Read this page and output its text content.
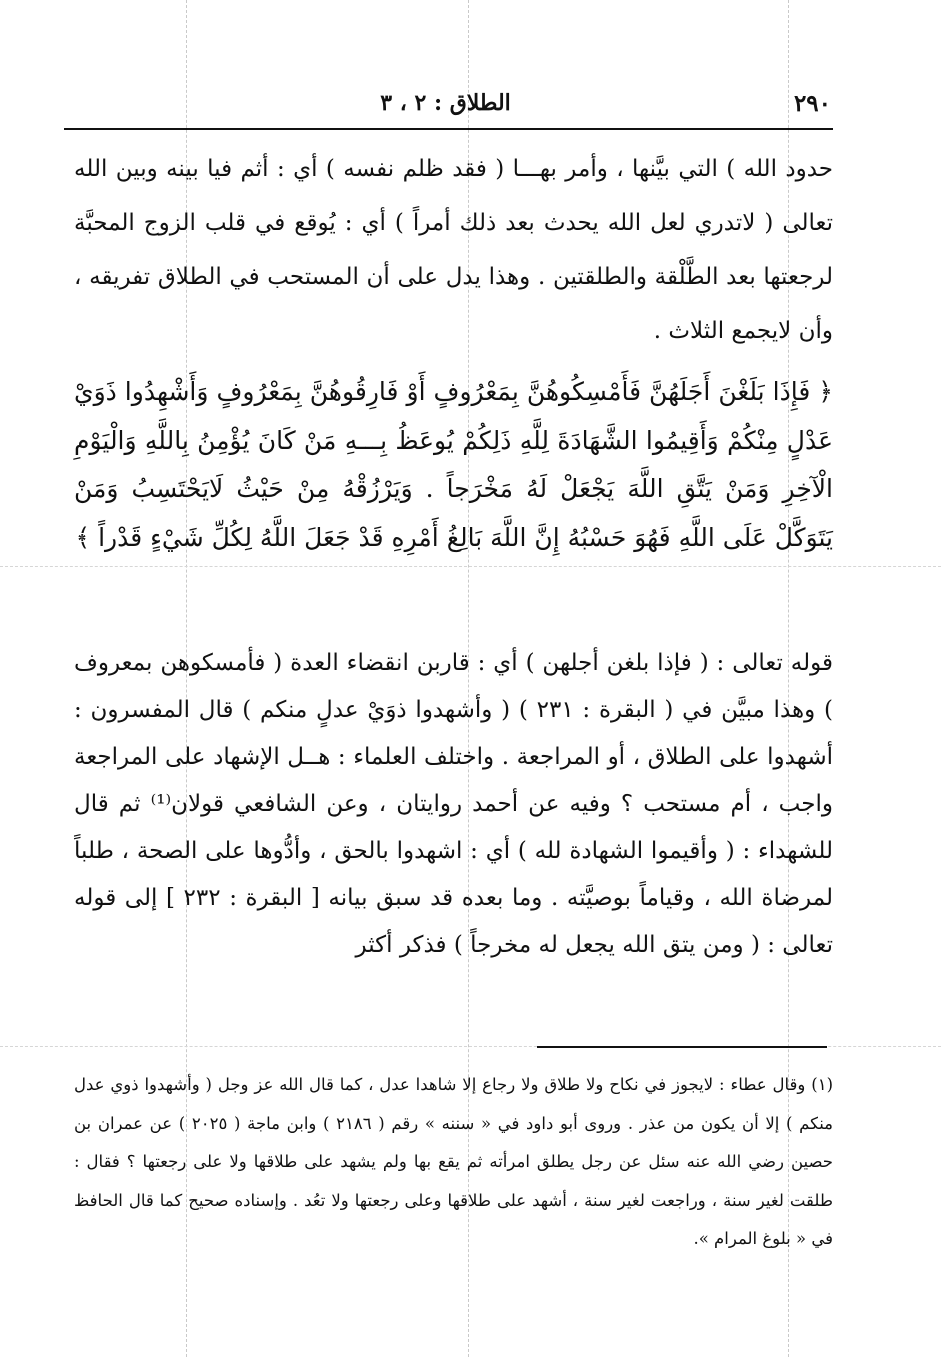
٢٩٠
الطلاق : ٢ ، ٣

حدود الله ) التي بيَّنها ، وأمر بهـــا ( فقد ظلم نفسه ) أي : أثم فيا بينه وبين الله تعالى ( لاتدري لعل الله يحدث بعد ذلك أمراً ) أي : يُوقع في قلب الزوج المحبَّة لرجعتها بعد الطَّلْقة والطلقتين . وهذا يدل على أن المستحب في الطلاق تفريقه ، وأن لايجمع الثلاث .

﴿ فَإِذَا بَلَغْنَ أَجَلَهُنَّ فَأَمْسِكُوهُنَّ بِمَعْرُوفٍ أَوْ فَارِقُوهُنَّ بِمَعْرُوفٍ وَأَشْهِدُوا ذَوَيْ عَدْلٍ مِنْكُمْ وَأَقِيمُوا الشَّهَادَةَ لِلَّهِ ذَلِكُمْ يُوعَظُ بِـــهِ مَنْ كَانَ يُؤْمِنُ بِاللَّهِ وَالْيَوْمِ الْآخِرِ وَمَنْ يَتَّقِ اللَّهَ يَجْعَلْ لَهُ مَخْرَجاً . وَيَرْزُقْهُ مِنْ حَيْثُ لَايَحْتَسِبُ وَمَنْ يَتَوَكَّلْ عَلَى اللَّهِ فَهُوَ حَسْبُهُ إِنَّ اللَّهَ بَالِغُ أَمْرِهِ قَدْ جَعَلَ اللَّهُ لِكُلِّ شَيْءٍ قَدْراً ﴾

قوله تعالى : ( فإذا بلغن أجلهن ) أي : قاربن انقضاء العدة ( فأمسكوهن بمعروف ) وهذا مبيَّن في ( البقرة : ٢٣١ ) ( وأشهدوا ذوَيْ عدلٍ منكم ) قال المفسرون : أشهدوا على الطلاق ، أو المراجعة . واختلف العلماء : هــل الإشهاد على المراجعة واجب ، أم مستحب ؟ وفيه عن أحمد روايتان ، وعن الشافعي قولان⁽¹⁾ ثم قال للشهداء : ( وأقيموا الشهادة لله ) أي : اشهدوا بالحق ، وأدُّوها على الصحة ، طلباً لمرضاة الله ، وقياماً بوصيَّته . وما بعده قد سبق بيانه [ البقرة : ٢٣٢ ] إلى قوله تعالى : ( ومن يتق الله يجعل له مخرجاً ) فذكر أكثر

(١) وقال عطاء : لايجوز في نكاح ولا طلاق ولا رجاع إلا شاهدا عدل ، كما قال الله عز وجل ( وأشهدوا ذوي عدل منكم ) إلا أن يكون من عذر . وروى أبو داود في « سننه » رقم ( ٢١٨٦ ) وابن ماجة ( ٢٠٢٥ ) عن عمران بن حصين رضي الله عنه سئل عن رجل يطلق امرأته ثم يقع بها ولم يشهد على طلاقها ولا على رجعتها ؟ فقال : طلقت لغير سنة ، وراجعت لغير سنة ، أشهد على طلاقها وعلى رجعتها ولا تعُد . وإسناده صحيح كما قال الحافظ في « بلوغ المرام ».
